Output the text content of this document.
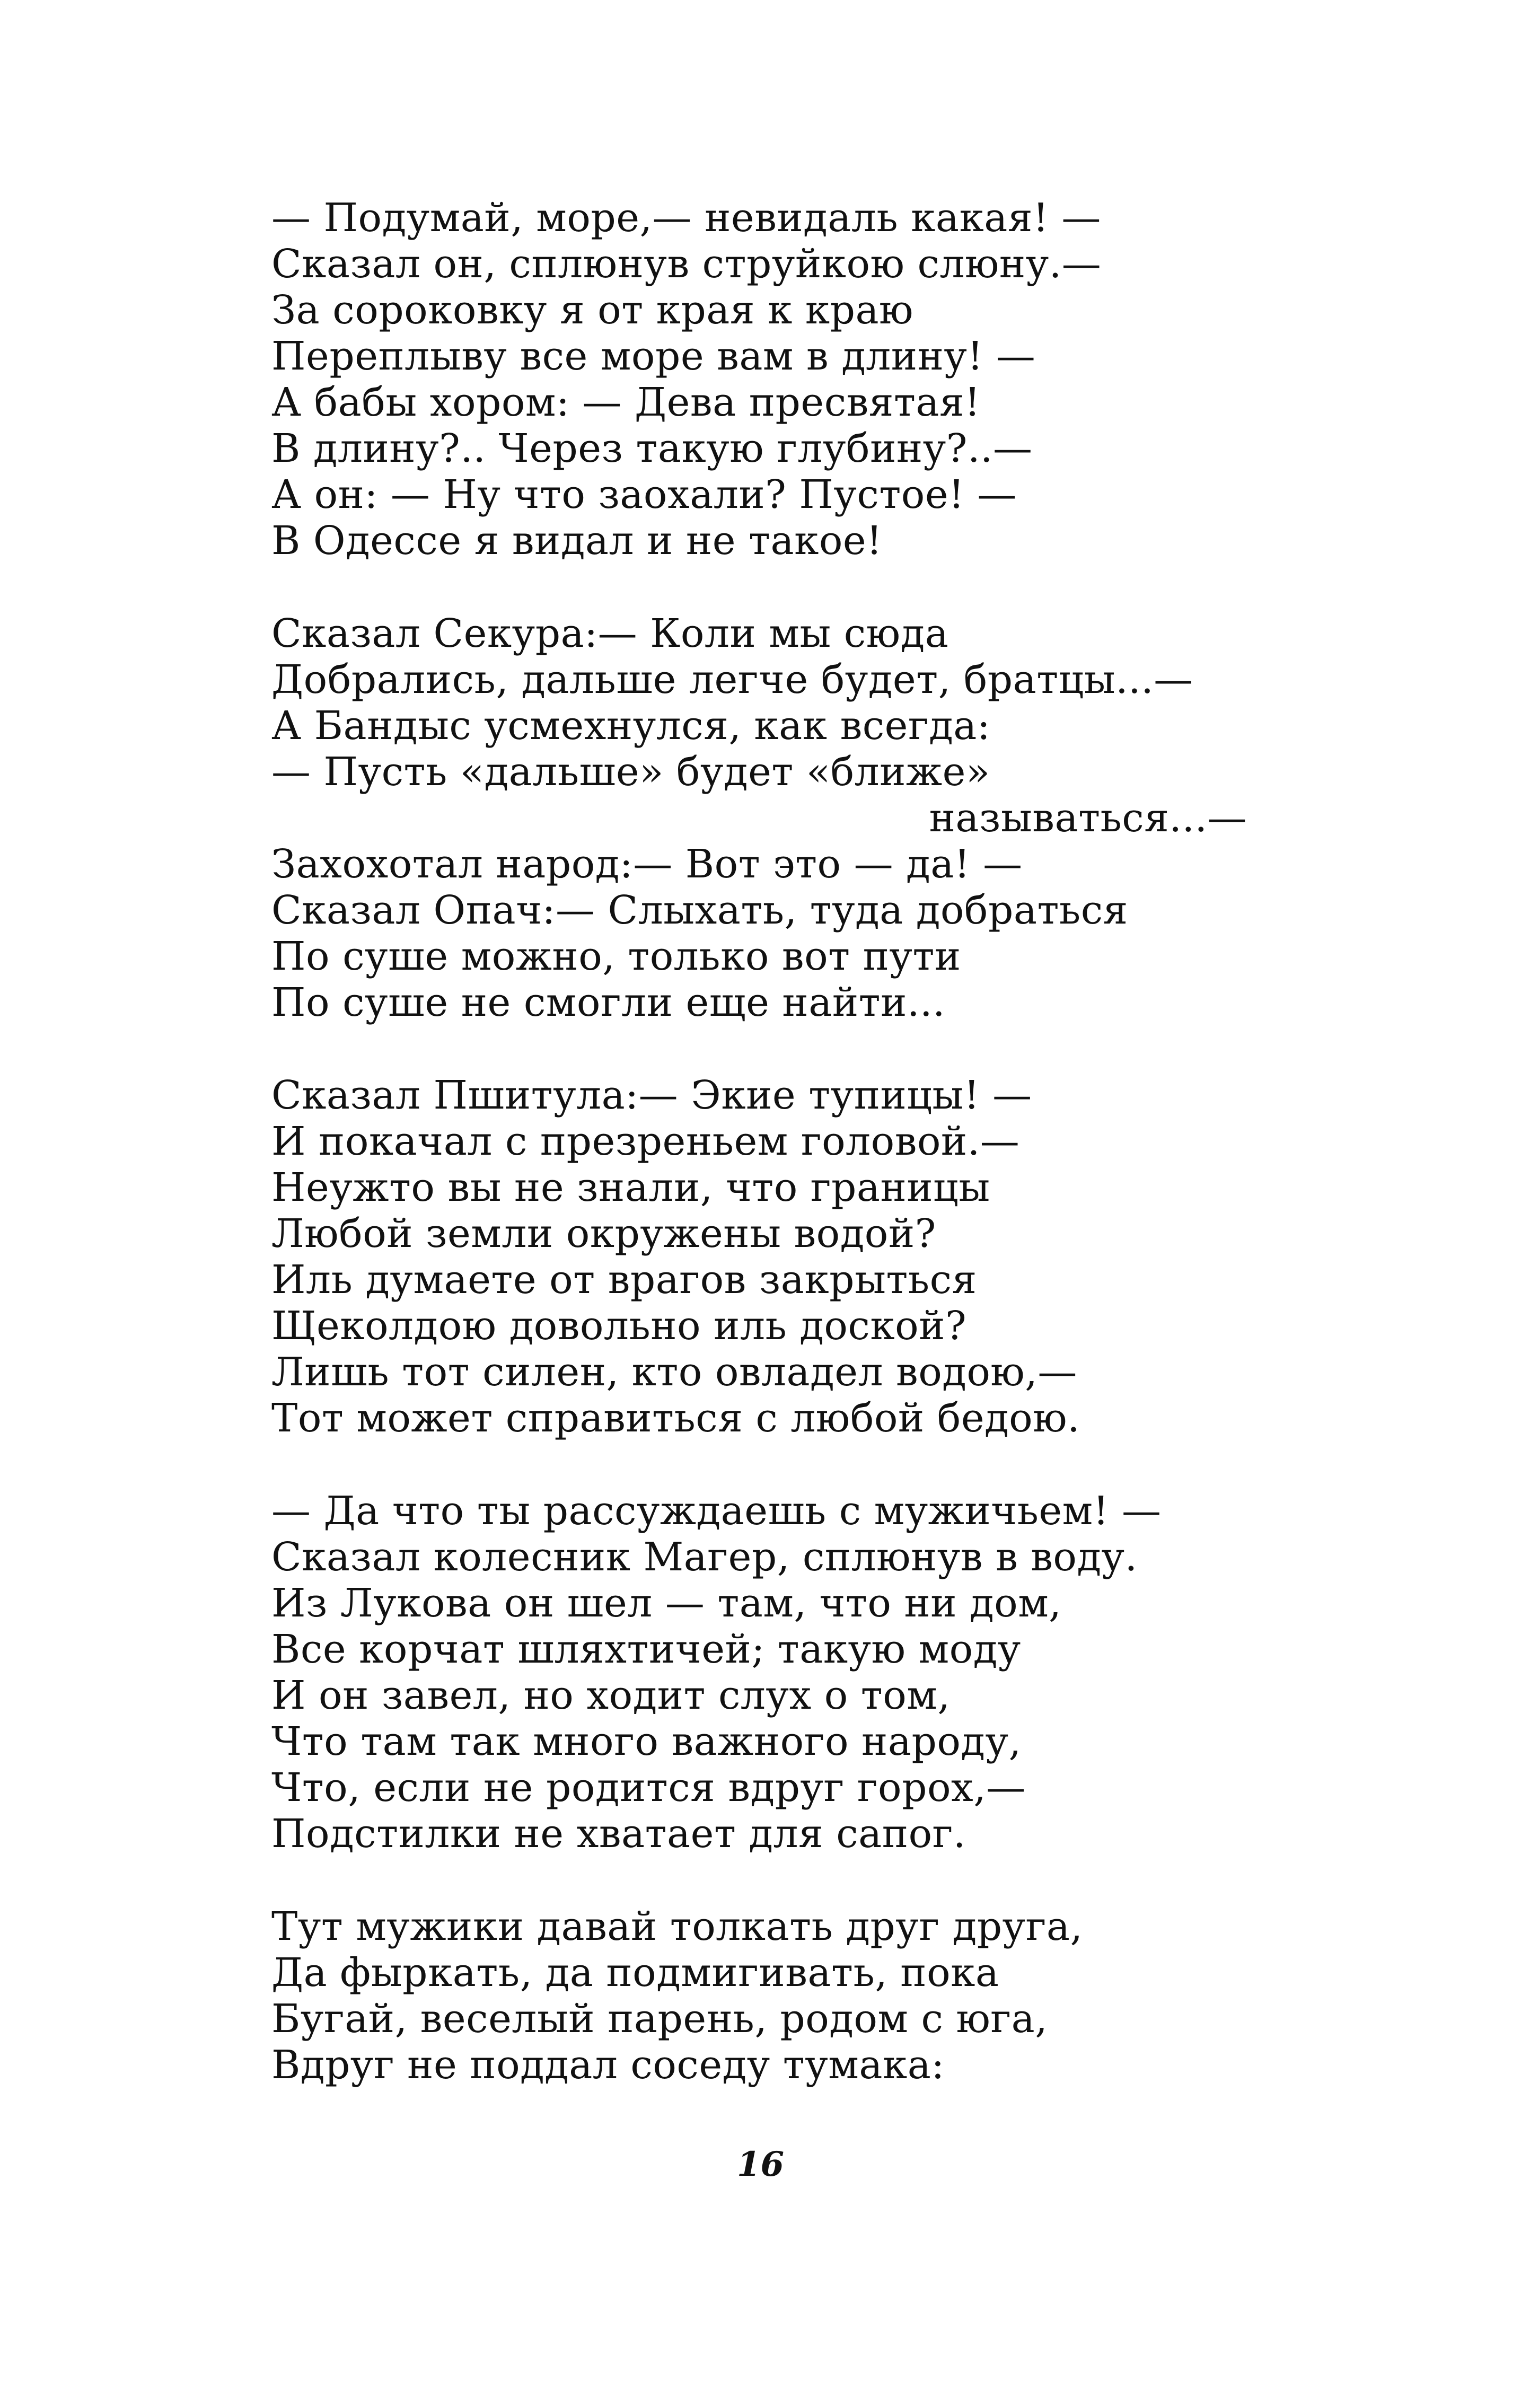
— Подумай, море,— невидаль какая! —
Сказал он, сплюнув струйкою слюну.—
За сороковку я от края к краю
Переплыву все море вам в длину! —
А бабы хором: — Дева пресвятая!
В длину?.. Через такую глубину?..—
А он: — Ну что заохали? Пустое! —
В Одессе я видал и не такое!
Сказал Секура:— Коли мы сюда
Добрались, дальше легче будет, братцы...—
А Бандыс усмехнулся, как всегда:
— Пусть «дальше» будет «ближе»
называться...—
Захохотал народ:— Вот это — да! —
Сказал Опач:— Слыхать, туда добраться
По суше можно, только вот пути
По суше не смогли еще найти...
Сказал Пшитула:— Экие тупицы! —
И покачал с презреньем головой.—
Неужто вы не знали, что границы
Любой земли окружены водой?
Иль думаете от врагов закрыться
Щеколдою довольно иль доской?
Лишь тот силен, кто овладел водою,—
Тот может справиться с любой бедою.
— Да что ты рассуждаешь с мужичьем! —
Сказал колесник Магер, сплюнув в воду.
Из Лукова он шел — там, что ни дом,
Все корчат шляхтичей; такую моду
И он завел, но ходит слух о том,
Что там так много важного народу,
Что, если не родится вдруг горох,—
Подстилки не хватает для сапог.
Тут мужики давай толкать друг друга,
Да фыркать, да подмигивать, пока
Бугай, веселый парень, родом с юга,
Вдруг не поддал соседу тумака:
16
